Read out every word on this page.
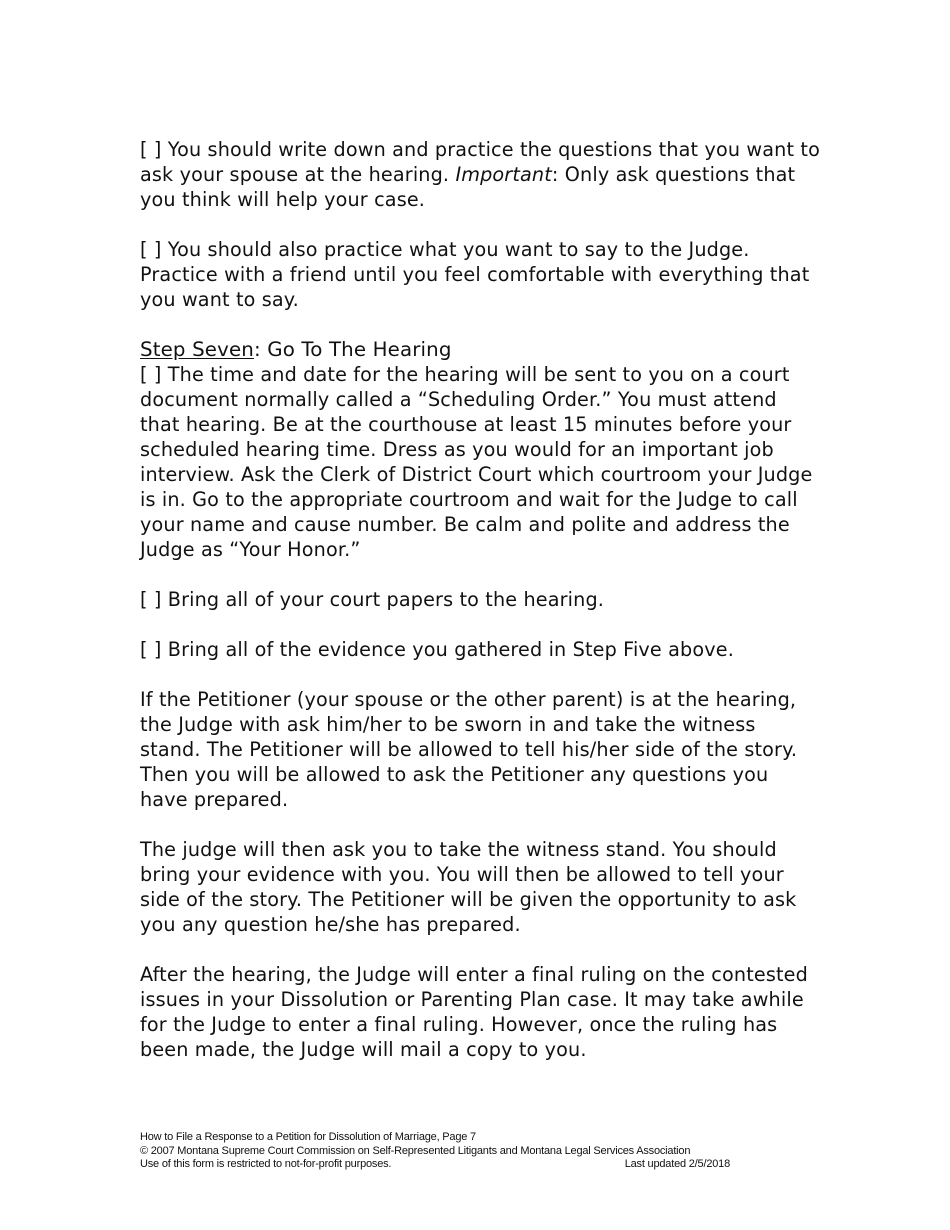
[ ] You should write down and practice the questions that you want to ask your spouse at the hearing. Important: Only ask questions that you think will help your case.

[ ] You should also practice what you want to say to the Judge. Practice with a friend until you feel comfortable with everything that you want to say.

Step Seven: Go To The Hearing

[ ] The time and date for the hearing will be sent to you on a court document normally called a “Scheduling Order.” You must attend that hearing. Be at the courthouse at least 15 minutes before your scheduled hearing time. Dress as you would for an important job interview. Ask the Clerk of District Court which courtroom your Judge is in. Go to the appropriate courtroom and wait for the Judge to call your name and cause number. Be calm and polite and address the Judge as “Your Honor.”

[ ] Bring all of your court papers to the hearing.

[ ] Bring all of the evidence you gathered in Step Five above.

If the Petitioner (your spouse or the other parent) is at the hearing, the Judge with ask him/her to be sworn in and take the witness stand. The Petitioner will be allowed to tell his/her side of the story. Then you will be allowed to ask the Petitioner any questions you have prepared.

The judge will then ask you to take the witness stand. You should bring your evidence with you. You will then be allowed to tell your side of the story. The Petitioner will be given the opportunity to ask you any question he/she has prepared.

After the hearing, the Judge will enter a final ruling on the contested issues in your Dissolution or Parenting Plan case. It may take awhile for the Judge to enter a final ruling. However, once the ruling has been made, the Judge will mail a copy to you.

How to File a Response to a Petition for Dissolution of Marriage, Page 7
© 2007 Montana Supreme Court Commission on Self-Represented Litigants and Montana Legal Services Association
Use of this form is restricted to not-for-profit purposes.	Last updated 2/5/2018
